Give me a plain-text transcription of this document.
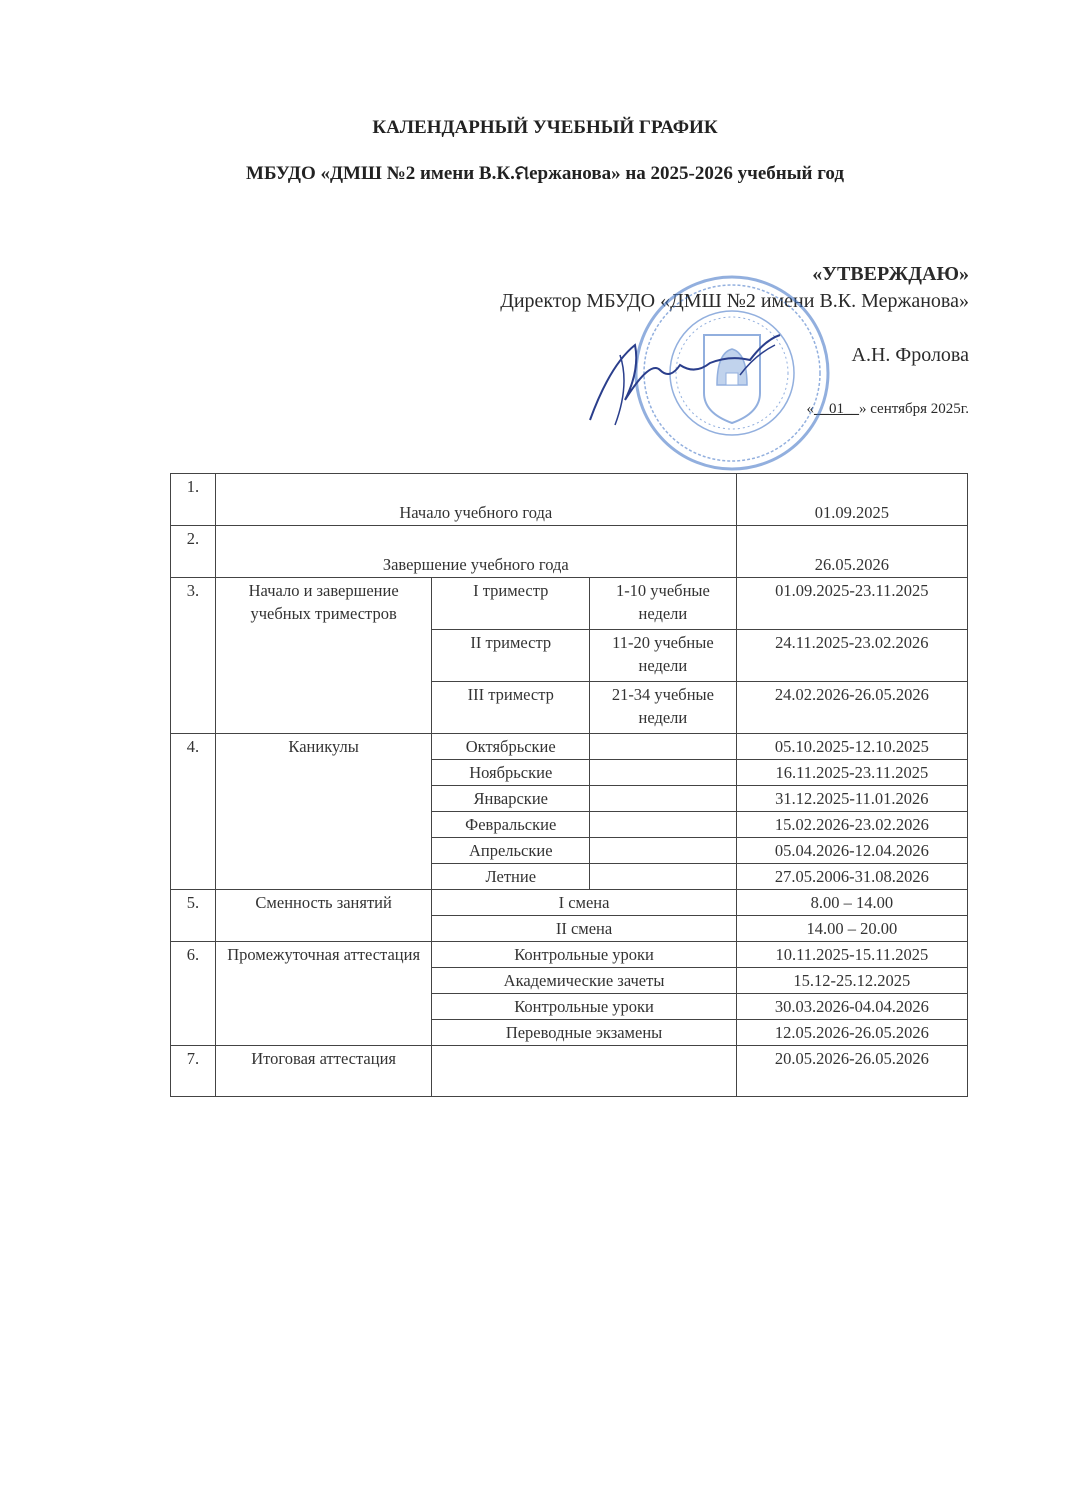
КАЛЕНДАРНЫЙ УЧЕБНЫЙ ГРАФИК
МБУДО «ДМШ №2 имени В.К.ମержанова» на 2025-2026 учебный год
«УТВЕРЖДАЮ»
Директор МБУДО «ДМШ №2 имени В.К. Мержанова»
А.Н. Фролова
«__01__» сентября 2025г.
1.	Начало учебного года			01.09.2025
2.	Завершение учебного года			26.05.2026
3.	Начало и завершение учебных триместров	I триместр	1-10 учебные недели	01.09.2025-23.11.2025
		II триместр	11-20 учебные недели	24.11.2025-23.02.2026
		III триместр	21-34 учебные недели	24.02.2026-26.05.2026
4.	Каникулы	Октябрьские		05.10.2025-12.10.2025
		Ноябрьские		16.11.2025-23.11.2025
		Январские		31.12.2025-11.01.2026
		Февральские		15.02.2026-23.02.2026
		Апрельские		05.04.2026-12.04.2026
		Летние		27.05.2006-31.08.2026
5.	Сменность занятий	I смена		8.00 – 14.00
		II смена		14.00 – 20.00
6.	Промежуточная аттестация	Контрольные уроки		10.11.2025-15.11.2025
		Академические зачеты		15.12-25.12.2025
		Контрольные уроки		30.03.2026-04.04.2026
		Переводные экзамены		12.05.2026-26.05.2026
7.	Итоговая аттестация			20.05.2026-26.05.2026
